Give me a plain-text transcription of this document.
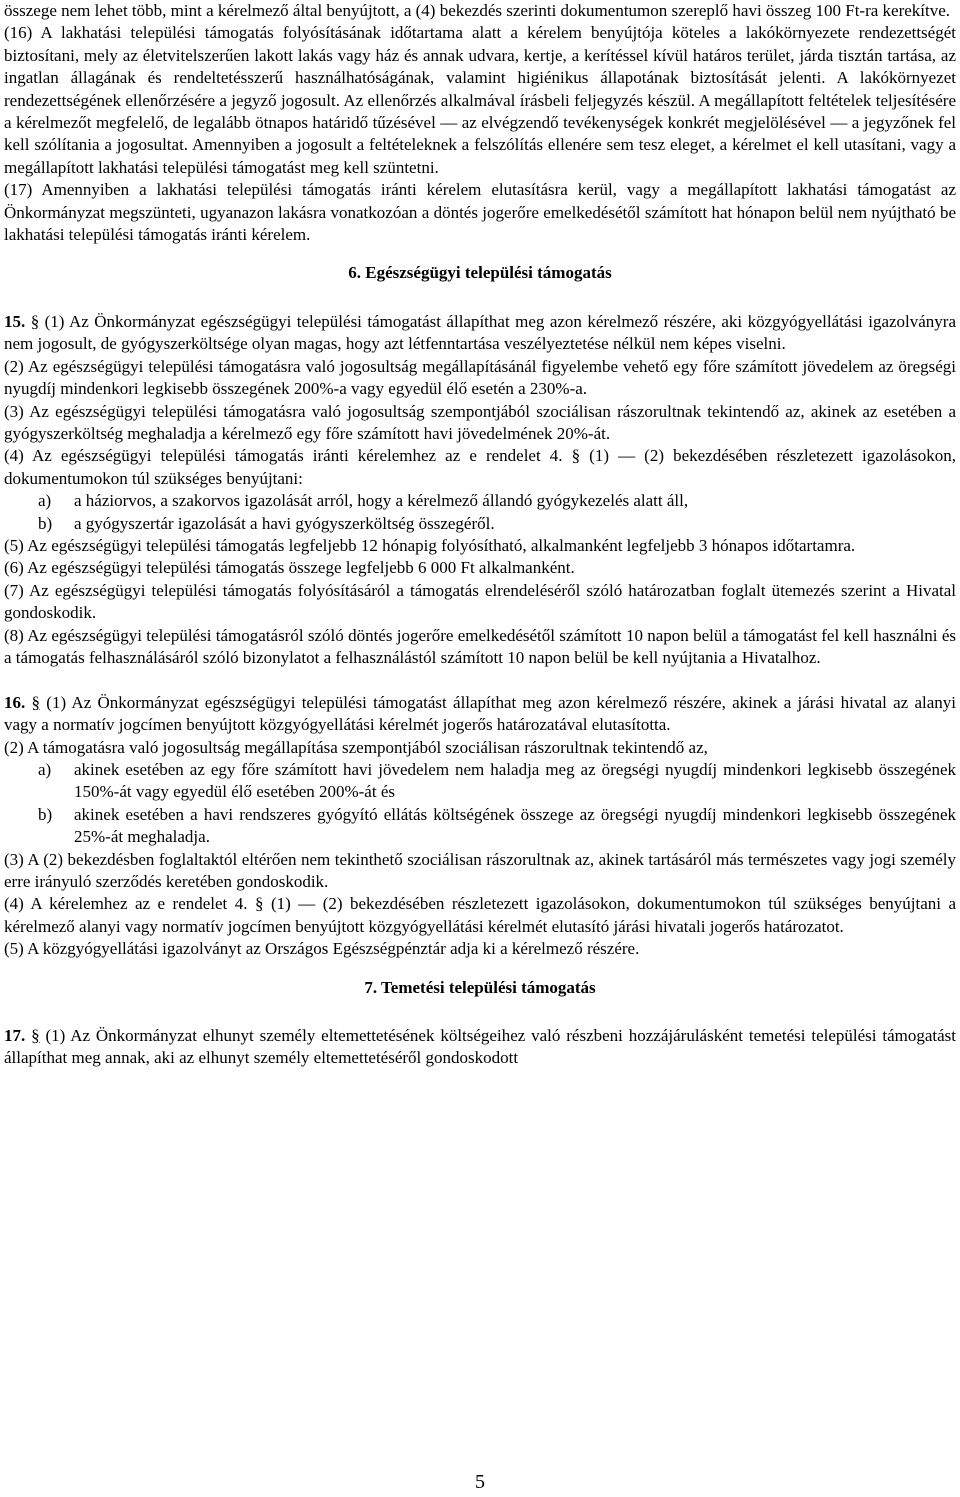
összege nem lehet több, mint a kérelmező által benyújtott, a (4) bekezdés szerinti dokumentumon szereplő havi összeg 100 Ft-ra kerekítve.

(16) A lakhatási települési támogatás folyósításának időtartama alatt a kérelem benyújtója köteles a lakókörnyezete rendezettségét biztosítani, mely az életvitelszerűen lakott lakás vagy ház és annak udvara, kertje, a kerítéssel kívül határos terület, járda tisztán tartása, az ingatlan állagának és rendeltetésszerű használhatóságának, valamint higiénikus állapotának biztosítását jelenti. A lakókörnyezet rendezettségének ellenőrzésére a jegyző jogosult. Az ellenőrzés alkalmával írásbeli feljegyzés készül. A megállapított feltételek teljesítésére a kérelmezőt megfelelő, de legalább ötnapos határidő tűzésével — az elvégzendő tevékenységek konkrét megjelölésével — a jegyzőnek fel kell szólítania a jogosultat. Amennyiben a jogosult a feltételeknek a felszólítás ellenére sem tesz eleget, a kérelmet el kell utasítani, vagy a megállapított lakhatási települési támogatást meg kell szüntetni.

(17) Amennyiben a lakhatási települési támogatás iránti kérelem elutasításra kerül, vagy a megállapított lakhatási támogatást az Önkormányzat megszünteti, ugyanazon lakásra vonatkozóan a döntés jogerőre emelkedésétől számított hat hónapon belül nem nyújtható be lakhatási települési támogatás iránti kérelem.

6. Egészségügyi települési támogatás

15. § (1) Az Önkormányzat egészségügyi települési támogatást állapíthat meg azon kérelmező részére, aki közgyógyellátási igazolványra nem jogosult, de gyógyszerköltsége olyan magas, hogy azt létfenntartása veszélyeztetése nélkül nem képes viselni.

(2) Az egészségügyi települési támogatásra való jogosultság megállapításánál figyelembe vehető egy főre számított jövedelem az öregségi nyugdíj mindenkori legkisebb összegének 200%-a vagy egyedül élő esetén a 230%-a.

(3) Az egészségügyi települési támogatásra való jogosultság szempontjából szociálisan rászorultnak tekintendő az, akinek az esetében a gyógyszerköltség meghaladja a kérelmező egy főre számított havi jövedelmének 20%-át.

(4) Az egészségügyi települési támogatás iránti kérelemhez az e rendelet 4. § (1) — (2) bekezdésében részletezett igazolásokon, dokumentumokon túl szükséges benyújtani:

a) a háziorvos, a szakorvos igazolását arról, hogy a kérelmező állandó gyógykezelés alatt áll,
b) a gyógyszertár igazolását a havi gyógyszerköltség összegéről.

(5) Az egészségügyi települési támogatás legfeljebb 12 hónapig folyósítható, alkalmanként legfeljebb 3 hónapos időtartamra.

(6) Az egészségügyi települési támogatás összege legfeljebb 6 000 Ft alkalmanként.

(7) Az egészségügyi települési támogatás folyósításáról a támogatás elrendeléséről szóló határozatban foglalt ütemezés szerint a Hivatal gondoskodik.

(8) Az egészségügyi települési támogatásról szóló döntés jogerőre emelkedésétől számított 10 napon belül a támogatást fel kell használni és a támogatás felhasználásáról szóló bizonylatot a felhasználástól számított 10 napon belül be kell nyújtania a Hivatalhoz.

16. § (1) Az Önkormányzat egészségügyi települési támogatást állapíthat meg azon kérelmező részére, akinek a járási hivatal az alanyi vagy a normatív jogcímen benyújtott közgyógyellátási kérelmét jogerős határozatával elutasította.

(2) A támogatásra való jogosultság megállapítása szempontjából szociálisan rászorultnak tekintendő az,

a) akinek esetében az egy főre számított havi jövedelem nem haladja meg az öregségi nyugdíj mindenkori legkisebb összegének 150%-át vagy egyedül élő esetében 200%-át és
b) akinek esetében a havi rendszeres gyógyító ellátás költségének összege az öregségi nyugdíj mindenkori legkisebb összegének 25%-át meghaladja.

(3) A (2) bekezdésben foglaltaktól eltérően nem tekinthető szociálisan rászorultnak az, akinek tartásáról más természetes vagy jogi személy erre irányuló szerződés keretében gondoskodik.

(4) A kérelemhez az e rendelet 4. § (1) — (2) bekezdésében részletezett igazolásokon, dokumentumokon túl szükséges benyújtani a kérelmező alanyi vagy normatív jogcímen benyújtott közgyógyellátási kérelmét elutasító járási hivatali jogerős határozatot.

(5) A közgyógyellátási igazolványt az Országos Egészségpénztár adja ki a kérelmező részére.

7. Temetési települési támogatás

17. § (1) Az Önkormányzat elhunyt személy eltemettetésének költségeihez való részbeni hozzájárulásként temetési települési támogatást állapíthat meg annak, aki az elhunyt személy eltemettetéséről gondoskodott

5
